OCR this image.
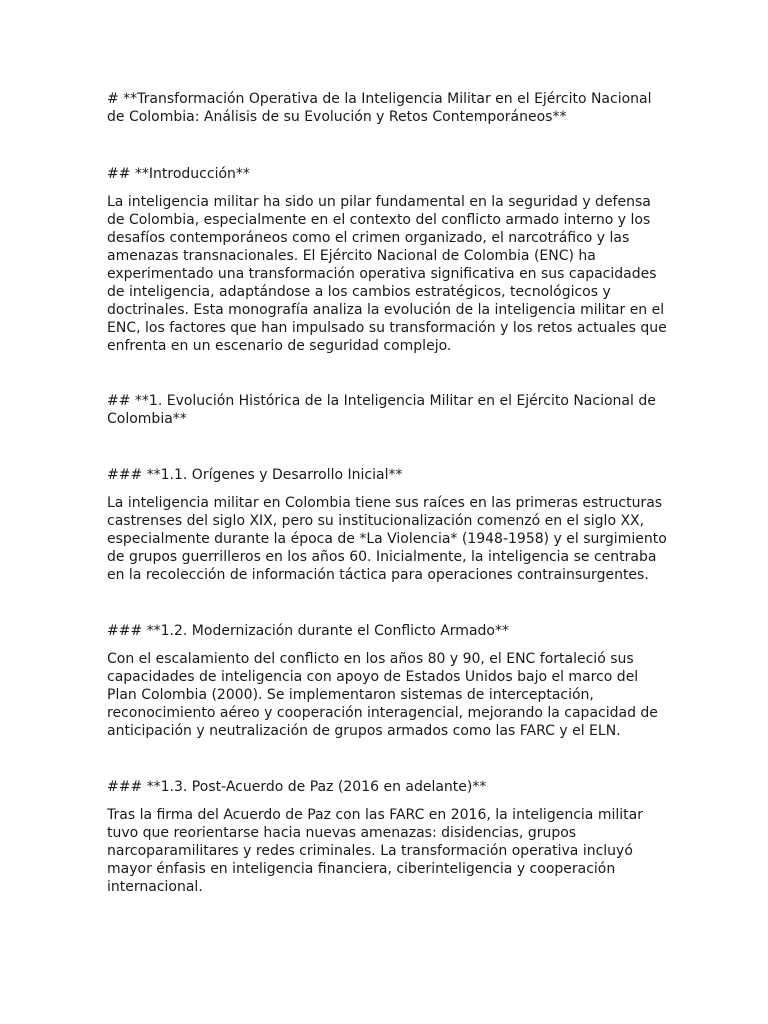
# **Transformación Operativa de la Inteligencia Militar en el Ejército Nacional
de Colombia: Análisis de su Evolución y Retos Contemporáneos**
## **Introducción**
La inteligencia militar ha sido un pilar fundamental en la seguridad y defensa
de Colombia, especialmente en el contexto del conflicto armado interno y los
desafíos contemporáneos como el crimen organizado, el narcotráfico y las
amenazas transnacionales. El Ejército Nacional de Colombia (ENC) ha
experimentado una transformación operativa significativa en sus capacidades
de inteligencia, adaptándose a los cambios estratégicos, tecnológicos y
doctrinales. Esta monografía analiza la evolución de la inteligencia militar en el
ENC, los factores que han impulsado su transformación y los retos actuales que
enfrenta en un escenario de seguridad complejo.
## **1. Evolución Histórica de la Inteligencia Militar en el Ejército Nacional de
Colombia**
### **1.1. Orígenes y Desarrollo Inicial**
La inteligencia militar en Colombia tiene sus raíces en las primeras estructuras
castrenses del siglo XIX, pero su institucionalización comenzó en el siglo XX,
especialmente durante la época de *La Violencia* (1948-1958) y el surgimiento
de grupos guerrilleros en los años 60. Inicialmente, la inteligencia se centraba
en la recolección de información táctica para operaciones contrainsurgentes.
### **1.2. Modernización durante el Conflicto Armado**
Con el escalamiento del conflicto en los años 80 y 90, el ENC fortaleció sus
capacidades de inteligencia con apoyo de Estados Unidos bajo el marco del
Plan Colombia (2000). Se implementaron sistemas de interceptación,
reconocimiento aéreo y cooperación interagencial, mejorando la capacidad de
anticipación y neutralización de grupos armados como las FARC y el ELN.
### **1.3. Post-Acuerdo de Paz (2016 en adelante)**
Tras la firma del Acuerdo de Paz con las FARC en 2016, la inteligencia militar
tuvo que reorientarse hacia nuevas amenazas: disidencias, grupos
narcoparamilitares y redes criminales. La transformación operativa incluyó
mayor énfasis en inteligencia financiera, ciberinteligencia y cooperación
internacional.
